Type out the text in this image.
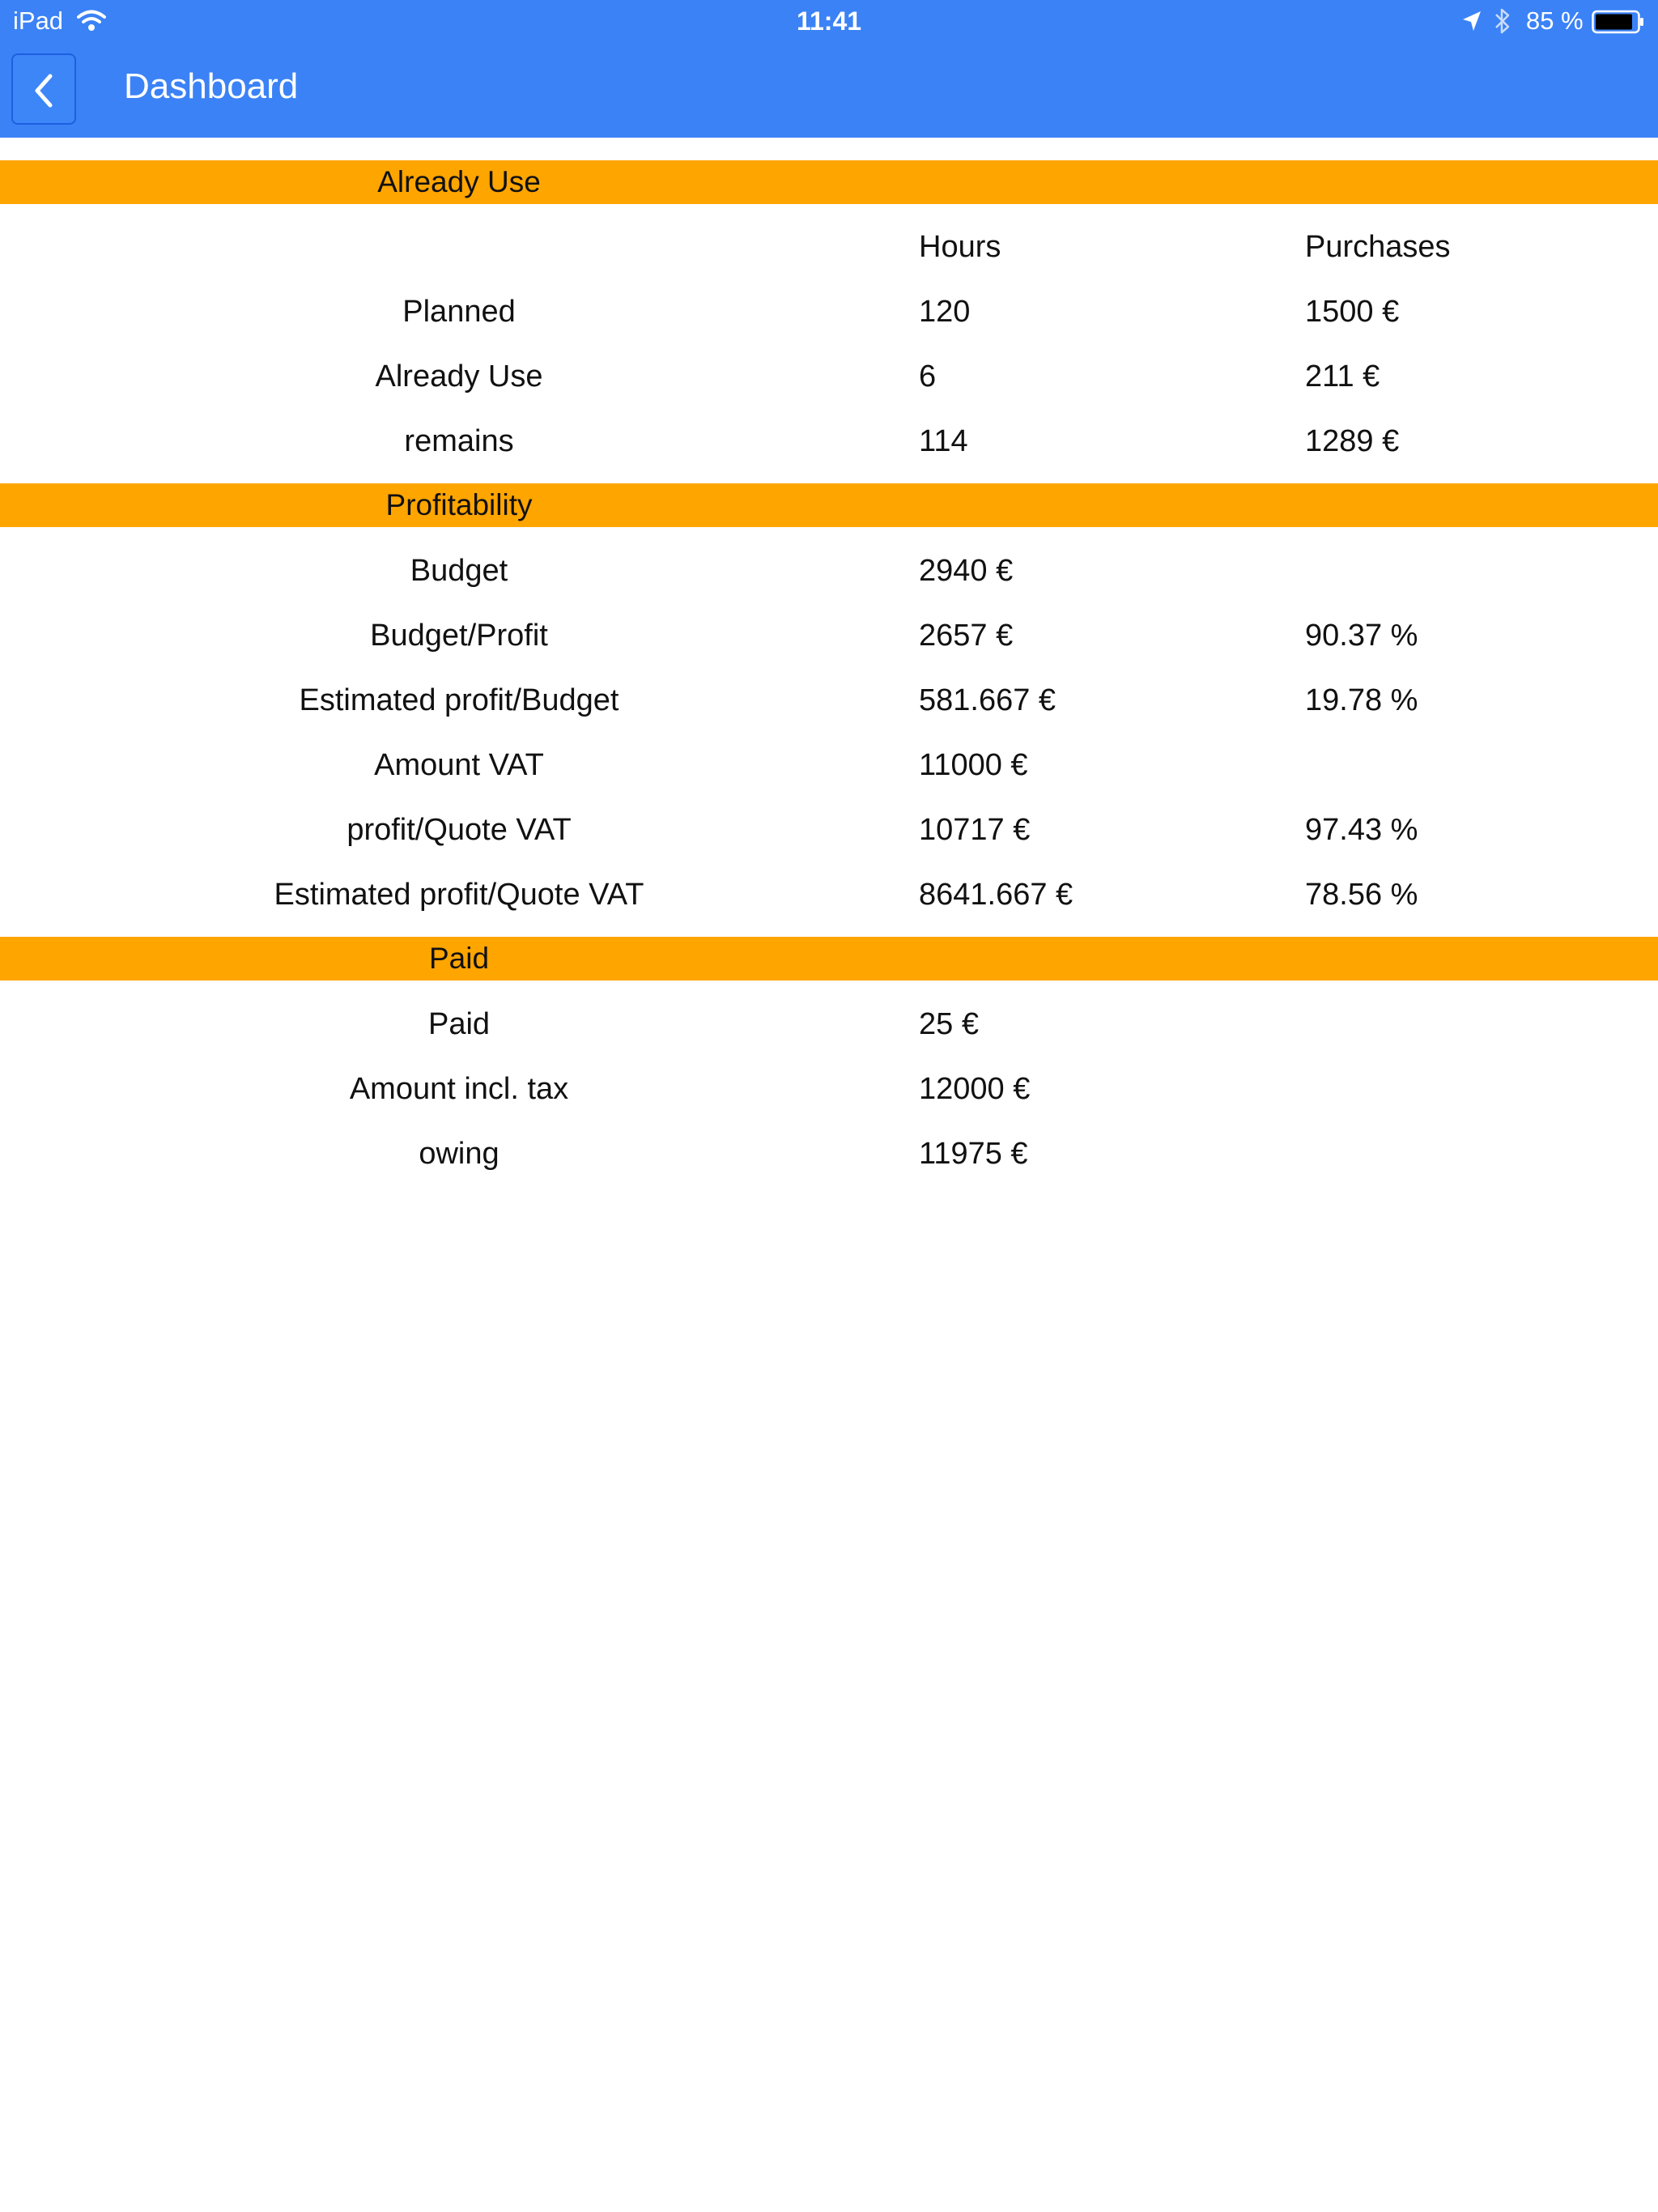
iPad	11:41	85 %
Dashboard
Already Use
Hours	Purchases
Planned	120	1500 €
Already Use	6	211 €
remains	114	1289 €
Profitability
Budget	2940 €
Budget/Profit	2657 €	90.37 %
Estimated profit/Budget	581.667 €	19.78 %
Amount VAT	11000 €
profit/Quote VAT	10717 €	97.43 %
Estimated profit/Quote VAT	8641.667 €	78.56 %
Paid
Paid	25 €
Amount incl. tax	12000 €
owing	11975 €
